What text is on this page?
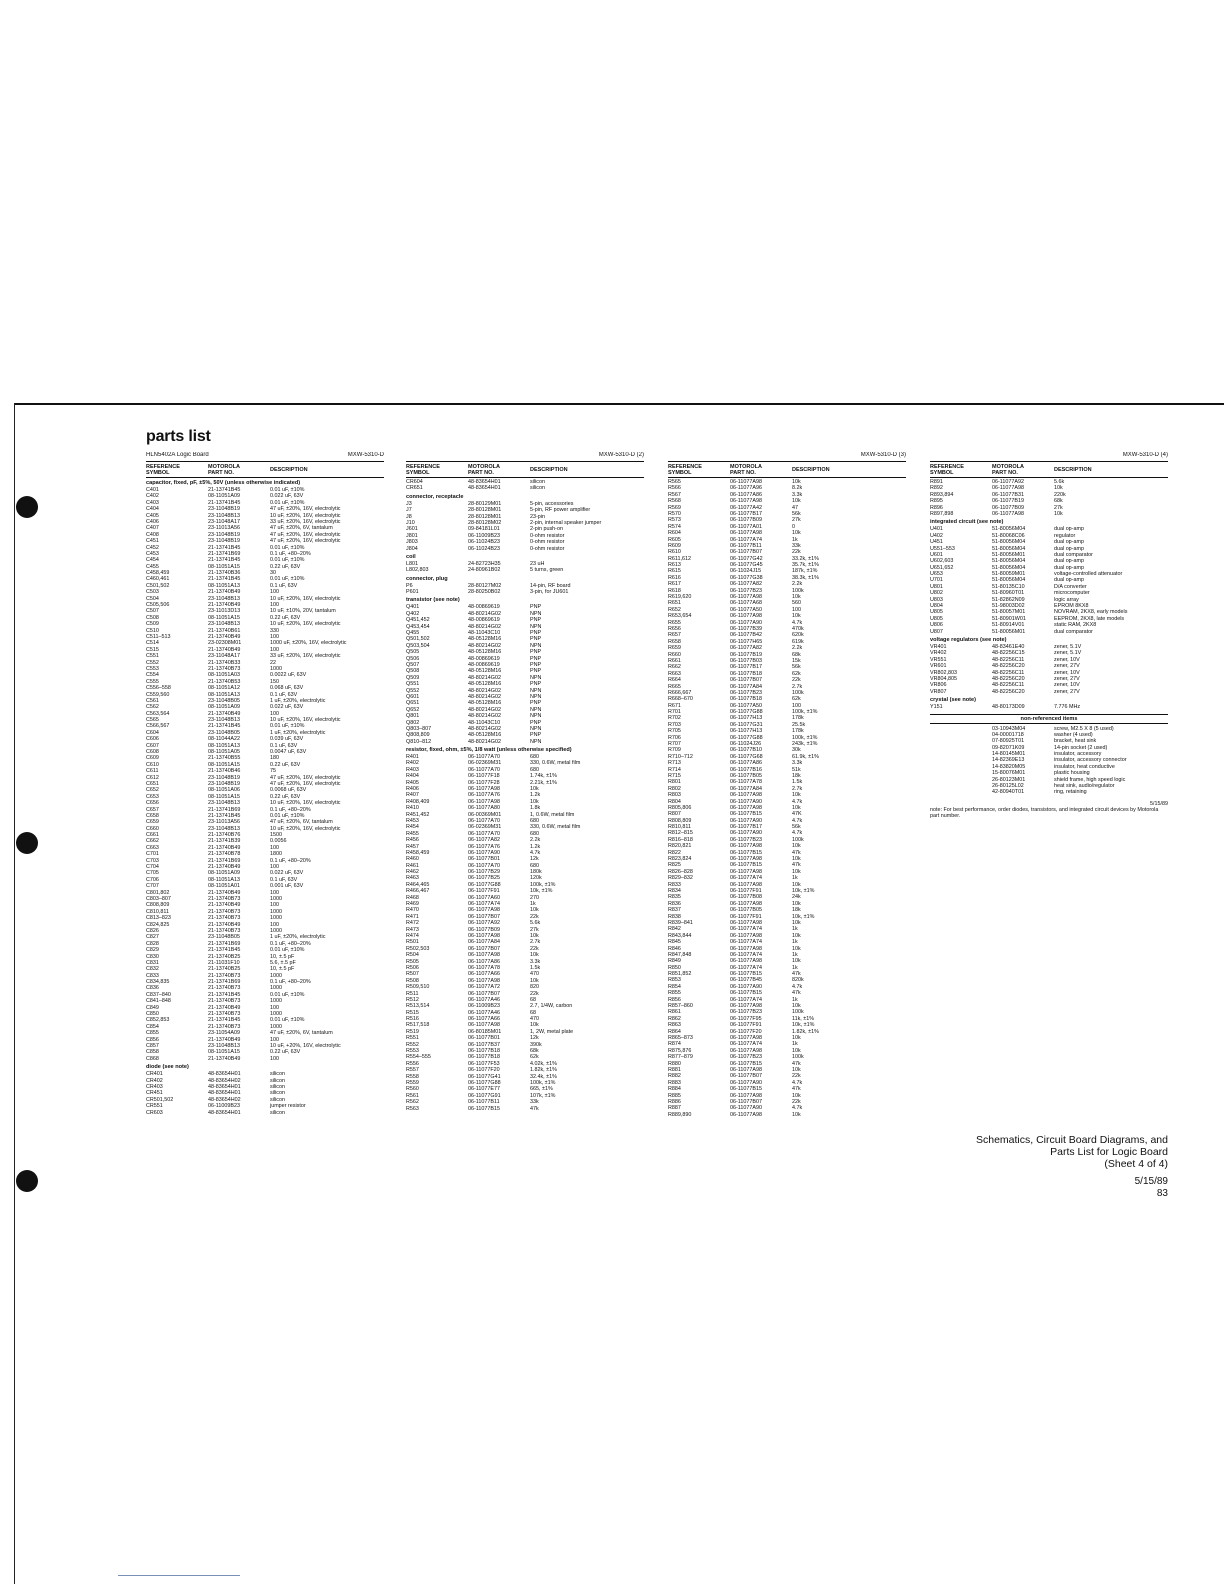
parts list
HLN5402A Logic Board	MXW-5310-D
REFERENCE SYMBOL
MOTOROLA PART NO.	DESCRIPTION
capacitor, fixed, pF, ±5%, 50V (unless otherwise indicated)
C401	21-13741B45	0.01 uF, ±10%
C402	08-11051A09	0.022 uF, 63V
C403	21-13741B45	0.01 uF, ±10%
C404	23-11048B19	47 uF, ±20%, 16V, electrolytic
C405	23-11048B13	10 uF, ±20%, 16V, electrolytic
C406	23-11048A17	33 uF, ±20%, 16V, electrolytic
C407	23-11013A56	47 uF, ±20%, 6V, tantalum
C408	23-11048B19	47 uF, ±20%, 16V, electrolytic
C451	23-11048B19	47 uF, ±20%, 16V, electrolytic
C452	21-13741B45	0.01 uF, ±10%
C453	21-13741B69	0.1 uF, +80–20%
C454	21-13741B45	0.01 uF, ±10%
C455	08-11051A15	0.22 uF, 63V
C458,459	21-13740B36	30
C460,461	21-13741B45	0.01 uF, ±10%
C501,502	08-11051A13	0.1 uF, 63V
C503	21-13740B49	100
C504	23-11048B13	10 uF, ±20%, 16V, electrolytic
C505,506	21-13740B49	100
C507	23-11013D13	10 uF, ±10%, 20V, tantalum
C508	08-11051A15	0.22 uF, 63V
C509	23-11048B13	10 uF, ±20%, 16V, electrolytic
C510	21-13740B61	330
C511–513	21-13740B49	100
C514	23-02308M01	1000 uF, ±20%, 16V, electrolytic
C515	21-13740B49	100
C551	23-11048A17	33 uF, ±20%, 16V, electrolytic
C552	21-13740B33	22
C553	21-13740B73	1000
C554	08-11051A03	0.0022 uF, 63V
C555	21-13740B53	150
C556–558	08-11051A12	0.068 uF, 63V
C559,560	08-11051A13	0.1 uF, 63V
C561	23-11048B05	1 uF, ±20%, electrolytic
C562	08-11051A09	0.022 uF, 63V
C563,564	21-13740B49	100
C565	23-11048B13	10 uF, ±20%, 16V, electrolytic
C566,567	21-13741B45	0.01 uF, ±10%
C604	23-11048B05	1 uF, ±20%, electrolytic
C606	08-11044A22	0.039 uF, 63V
C607	08-11051A13	0.1 uF, 63V
C608	08-11051A05	0.0047 uF, 63V
C609	21-13740B55	180
C610	08-11051A15	0.22 uF, 63V
C611	21-13740B46	75
C612	23-11048B19	47 uF, ±20%, 16V, electrolytic
C651	23-11048B19	47 uF, ±20%, 16V, electrolytic
C652	08-11051A06	0.0068 uF, 63V
C653	08-11051A15	0.22 uF, 63V
C656	23-11048B13	10 uF, ±20%, 16V, electrolytic
C657	21-13741B69	0.1 uF, +80–20%
C658	21-13741B45	0.01 uF, ±10%
C659	23-11013A56	47 uF, ±20%, 6V, tantalum
C660	23-11048B13	10 uF, ±20%, 16V, electrolytic
C661	21-13740B76	1500
C662	21-13741B39	0.0056
C663	21-13740B49	100
C701	21-13740B78	1800
C703	21-13741B69	0.1 uF, +80–20%
C704	21-13740B49	100
C705	08-11051A09	0.022 uF, 63V
C706	08-11051A13	0.1 uF, 63V
C707	08-11051A01	0.001 uF, 63V
C801,802	21-13740B49	100
C803–807	21-13740B73	1000
C808,809	21-13740B49	100
C810,811	21-13740B73	1000
C813–823	21-13740B73	1000
C824,825	21-13740B49	100
C826	21-13740B73	1000
C827	23-11048B05	1 uF, ±20%, electrolytic
C828	21-13741B69	0.1 uF, +80–20%
C829	21-13741B45	0.01 uF, ±10%
C830	21-13740B25	10, ±.5 pF
C831	21-11031F10	5.6, ±.5 pF
C832	21-13740B25	10, ±.5 pF
C833	21-13740B73	1000
C834,835	21-13741B69	0.1 uF, +80–20%
C836	21-13740B73	1000
C837–840	21-13741B45	0.01 uF, ±10%
C841–848	21-13740B73	1000
C849	21-13740B49	100
C850	21-13740B73	1000
C852,853	21-13741B45	0.01 uF, ±10%
C854	21-13740B73	1000
C855	23-11054A09	47 uF, ±20%, 6V, tantalum
C856	21-13740B49	100
C857	23-11048B13	10 uF, +20%, 16V, electrolytic
C858	08-11051A15	0.22 uF, 63V
C868	21-13740B49	100
diode (see note)
CR401	48-83654H01	silicon
CR402	48-83654H02	silicon
CR403	48-83654H01	silicon
CR451	48-83654H01	silicon
CR501,502	48-83654H02	silicon
CR551	06-11009B23	jumper resistor
CR603	48-83654H01	silicon
MXW-5310-D (2)
REFERENCE SYMBOL
MOTOROLA PART NO.	DESCRIPTION
CR604	48-83654H01	silicon
CR651	48-83654H01	silicon
connector, receptacle
J3	28-80129M01	5-pin, accessories
J7	28-80128M01	5-pin, RF power amplifier
J8	28-80128M01	23-pin
J10	28-80128M02	2-pin, internal speaker jumper
J601	09-84181L01	2-pin push-on
J801	06-11009B23	0-ohm resistor
J803	06-11024B23	0-ohm resistor
J804	06-11024B23	0-ohm resistor
coil
L801	24-82723H35	23 uH
L802,803	24-80961B02	5 turns, green
connector, plug
P6	28-80127M02	14-pin, RF board
P601	28-80250B02	3-pin, for JU601
transistor (see note)
Q401	48-00869619	PNP
Q402	48-80214G02	NPN
Q451,452	48-00869619	PNP
Q453,454	48-80214G02	NPN
Q455	48-11043C10	PNP
Q501,502	48-05128M16	PNP
Q503,504	48-80214G02	NPN
Q505	48-05128M16	PNP
Q506	48-00869619	PNP
Q507	48-00869619	PNP
Q508	48-05128M16	PNP
Q509	48-80214G02	NPN
Q551	48-05128M16	PNP
Q552	48-80214G02	NPN
Q601	48-80214G02	NPN
Q651	48-05128M16	PNP
Q652	48-80214G02	NPN
Q801	48-80214G02	NPN
Q802	48-11043C10	PNP
Q803–807	48-80214G02	NPN
Q808,809	48-05128M16	PNP
Q810–812	48-80214G02	NPN
resistor, fixed, ohm, ±5%, 1/8 watt (unless otherwise specified)
R401	06-11077A70	680
R402	06-02369M31	330, 0.6W, metal film
R403	06-11077A70	680
R404	06-11077F18	1.74k, ±1%
R405	06-11077F28	2.21k, ±1%
R406	06-11077A98	10k
R407	06-11077A76	1.2k
R408,409	06-11077A98	10k
R410	06-11077A80	1.8k
R451,452	06-00369M01	1, 0.6W, metal film
R453	06-11077A70	680
R454	06-02369M31	330, 0.6W, metal film
R455	06-11077A70	680
R456	06-11077A82	2.2k
R457	06-11077A76	1.2k
R458,459	06-11077A90	4.7k
R460	06-11077B01	12k
R461	06-11077A70	680
R462	06-11077B29	180k
R463	06-11077B25	120k
R464,465	06-11077G88	100k, ±1%
R466,467	06-11077F91	10k, ±1%
R468	06-11077A60	270
R469	06-11077A74	1k
R470	06-11077A98	10k
R471	06-11077B07	22k
R472	06-11077A92	5.6k
R473	06-11077B09	27k
R474	06-11077A98	10k
R501	06-11077A84	2.7k
R502,503	06-11077B07	22k
R504	06-11077A98	10k
R505	06-11077A86	3.3k
R506	06-11077A78	1.5k
R507	06-11077A66	470
R508	06-11077A98	10k
R509,510	06-11077A72	820
R511	06-11077B07	22k
R512	06-11077A46	68
R513,514	06-11009B23	2.7, 1/4W, carbon
R515	06-11077A46	68
R516	06-11077A66	470
R517,518	06-11077A98	10k
R519	06-80185M01	1, 2W, metal plate
R551	06-11077B01	12k
R552	06-11077B37	390k
R553	06-11077B18	68k
R554–555	06-11077B18	62k
R556	06-11077F53	4.02k, ±1%
R557	06-11077F20	1.82k, ±1%
R558	06-11077G41	32.4k, ±1%
R559	06-11077G88	100k, ±1%
R560	06-11077E77	665, ±1%
R561	06-11077G91	107k, ±1%
R562	06-11077B11	33k
R563	06-11077B15	47k
MXW-5310-D (3)
REFERENCE SYMBOL
MOTOROLA PART NO.	DESCRIPTION
R565	06-11077A98	10k
R566	06-11077A96	8.2k
R567	06-11077A86	3.3k
R568	06-11077A98	10k
R569	06-11077A42	47
R570	06-11077B17	56k
R573	06-11077B09	27k
R574	06-11077A01	0
R604	06-11077A98	10k
R605	06-11077A74	1k
R609	06-11077B11	33k
R610	06-11077B07	22k
R611,612	06-11077G42	33.2k, ±1%
R613	06-11077G45	35.7k, ±1%
R615	06-11024J15	187k, ±1%
R616	06-11077G38	38.3k, ±1%
R617	06-11077A82	2.2k
R618	06-11077B23	100k
R619,620	06-11077A98	10k
R651	06-11077A68	560
R652	06-11077A50	100
R653,654	06-11077A98	10k
R655	06-11077A90	4.7k
R656	06-11077B39	470k
R657	06-11077B42	620k
R658	06-11077H65	619k
R659	06-11077A82	2.2k
R660	06-11077B19	68k
R661	06-11077B03	15k
R662	06-11077B17	56k
R663	06-11077B18	62k
R664	06-11077B07	22k
R665	06-11077A84	2.7k
R666,667	06-11077B23	100k
R668–670	06-11077B18	62k
R671	06-11077A50	100
R701	06-11077G88	100k, ±1%
R702	06-11077H13	178k
R703	06-11077G31	25.5k
R705	06-11077H13	178k
R706	06-11077G88	100k, ±1%
R707	06-11024J26	243k, ±1%
R709	06-11077B10	30k
R710–712	06-11077G68	61.9k, ±1%
R713	06-11077A86	3.3k
R714	06-11077B16	51k
R715	06-11077B05	18k
R801	06-11077A78	1.5k
R802	06-11077A84	2.7k
R803	06-11077A98	10k
R804	06-11077A90	4.7k
R805,806	06-11077A98	10k
R807	06-11077B15	47K
R808,809	06-11077A90	4.7k
R810,811	06-11077B17	56k
R812–815	06-11077A90	4.7k
R816–818	06-11077B23	100k
R820,821	06-11077A98	10k
R822	06-11077B15	47k
R823,824	06-11077A98	10k
R825	06-11077B15	47k
R826–828	06-11077A98	10k
R829–832	06-11077A74	1k
R833	06-11077A98	10k
R834	06-11077F91	10k, ±1%
R835	06-11077B08	24k
R836	06-11077A98	10k
R837	06-11077B05	18k
R838	06-11077F91	10k, ±1%
R839–841	06-11077A98	10k
R842	06-11077A74	1k
R843,844	06-11077A98	10k
R845	06-11077A74	1k
R846	06-11077A98	10k
R847,848	06-11077A74	1k
R849	06-11077A98	10k
R850	06-11077A74	1k
R851,852	06-11077B15	47k
R853	06-11077B45	820k
R854	06-11077A90	4.7k
R855	06-11077B15	47k
R856	06-11077A74	1k
R857–860	06-11077A98	10k
R861	06-11077B23	100k
R862	06-11077F95	11k, ±1%
R863	06-11077F91	10k, ±1%
R864	06-11077F20	1.82k, ±1%
R865–873	06-11077A98	10k
R874	06-11077A74	1k
R875,876	06-11077A98	10k
R877–879	06-11077B23	100k
R880	06-11077B15	47k
R881	06-11077A98	10k
R882	06-11077B07	22k
R883	06-11077A90	4.7k
R884	06-11077B15	47k
R885	06-11077A98	10k
R886	06-11077B07	22k
R887	06-11077A90	4.7k
R889,890	06-11077A98	10k
MXW-5310-D (4)
REFERENCE SYMBOL
MOTOROLA PART NO.	DESCRIPTION
R891	06-11077A92	5.6k
R892	06-11077A98	10k
R893,894	06-11077B31	220k
R895	06-11077B19	68k
R896	06-11077B09	27k
R897,898	06-11077A98	10k
integrated circuit (see note)
U401	51-80056M04	dual op-amp
U402	51-80068C06	regulator
U451	51-80056M04	dual op-amp
U551–553	51-80056M04	dual op-amp
U601	51-80056M01	dual comparator
U602,603	51-80056M04	dual op-amp
U651,652	51-80056M04	dual op-amp
U653	51-80059M01	voltage-controlled attenuator
U701	51-80056M04	dual op-amp
U801	51-80135C10	D/A converter
U802	51-80960T01	microcomputer
U803	51-82862N09	logic array
U804	51-98003D02	EPROM 8KX8
U805	51-80057M01	NOVRAM, 2KX8, early models
U805	51-80901W01	EEPROM, 2KX8, late models
U806	51-80914V01	static RAM, 2KX8
U807	51-80056M01	dual comparator
voltage regulators (see note)
VR401	48-83461E40	zener, 5.1V
VR402	48-82256C15	zener, 5.1V
VR551	48-82256C11	zener, 10V
VR601	48-82256C20	zener, 27V
VR802,803	48-82256C11	zener, 10V
VR804,805	48-82256C20	zener, 27V
VR806	48-82256C11	zener, 10V
VR807	48-82256C20	zener, 27V
crystal (see note)
Y151	48-80173D09	7.776 MHz
non-referenced items
03-10943M04	screw, M2.5 X 8 (5 used)
04-00001718	washer (4 used)
07-80925T01	bracket, heat sink
09-82071K09	14-pin socket (2 used)
14-80145M01	insulator, accessory
14-82369E13	insulator, accessory connector
14-83820M05	insulator, heat conductive
15-80076M01	plastic housing
26-80123M01	shield frame, high speed logic
26-80125L02	heat sink, audio/regulator
42-80940T01	ring, retaining
5/15/89
note: For best performance, order diodes, transistors, and integrated circuit devices by Motorola part number.
Schematics, Circuit Board Diagrams, and
Parts List for Logic Board
(Sheet 4 of 4)
5/15/89
83
